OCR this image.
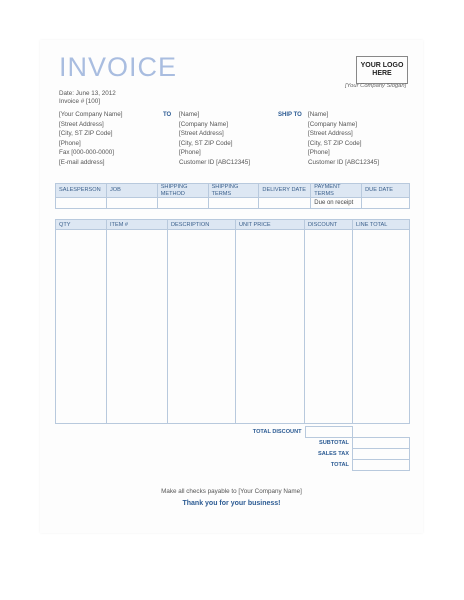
INVOICE	YOUR LOGO
HERE
[Your Company Slogan]
Date: June 13, 2012
Invoice # [100]
[Your Company Name]
[Street Address]
[City, ST ZIP Code]
[Phone]
Fax [000-000-0000]
[E-mail address]
TO [Name]
[Company Name]
[Street Address]
[City, ST ZIP Code]
[Phone]
Customer ID [ABC12345]
SHIP TO [Name]
[Company Name]
[Street Address]
[City, ST ZIP Code]
[Phone]
Customer ID [ABC12345]
SALESPERSON	JOB	SHIPPING METHOD	SHIPPING TERMS	DELIVERY DATE	PAYMENT TERMS	DUE DATE
					Due on receipt	
QTY	ITEM #	DESCRIPTION	UNIT PRICE	DISCOUNT	LINE TOTAL

TOTAL DISCOUNT		
	SUBTOTAL	
	SALES TAX	
	TOTAL	
Make all checks payable to [Your Company Name]
Thank you for your business!
